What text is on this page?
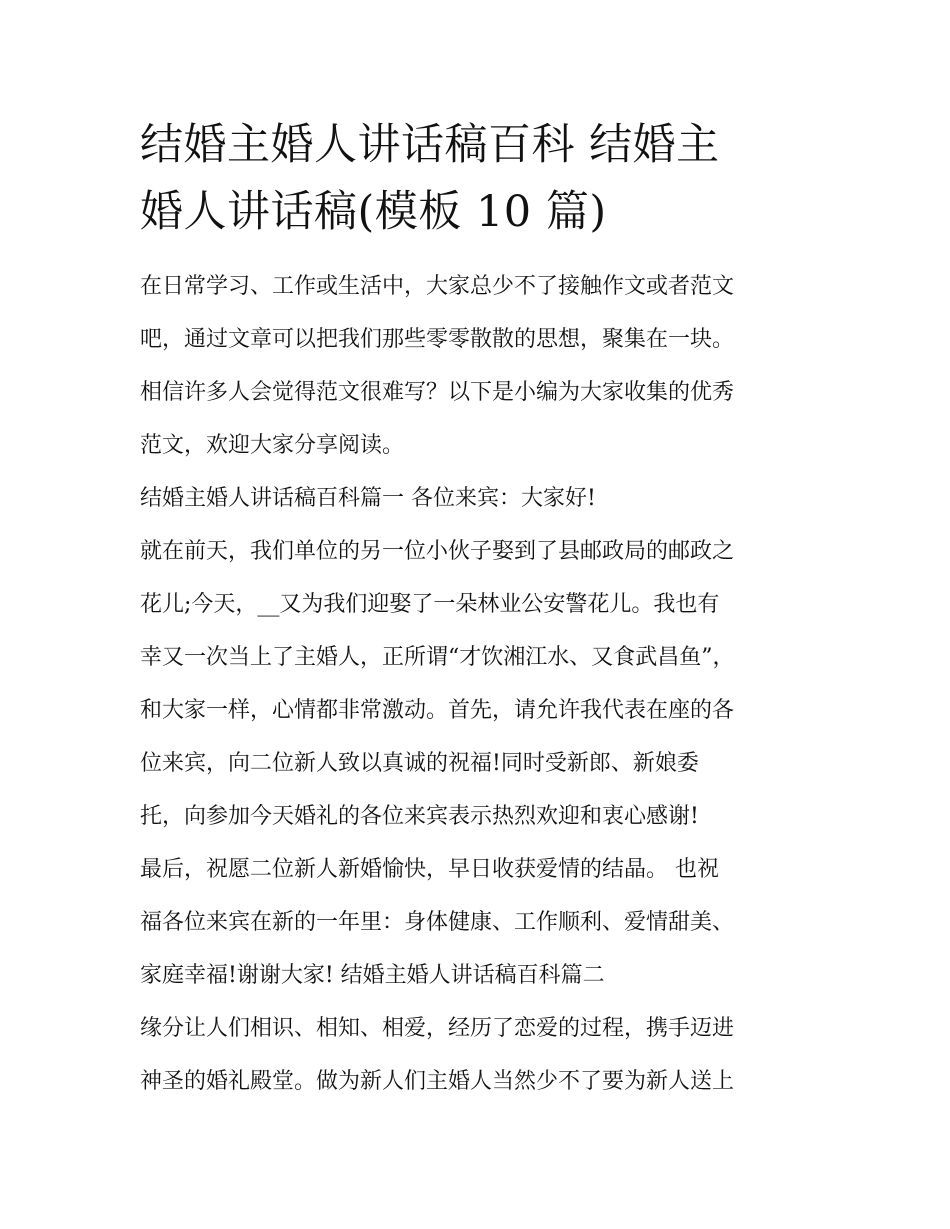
结婚主婚人讲话稿百科 结婚主
婚人讲话稿(模板 10 篇)
在日常学习、工作或生活中，大家总少不了接触作文或者范文
吧，通过文章可以把我们那些零零散散的思想，聚集在一块。
相信许多人会觉得范文很难写？以下是小编为大家收集的优秀
范文，欢迎大家分享阅读。
结婚主婚人讲话稿百科篇一 各位来宾：大家好!
就在前天，我们单位的另一位小伙子娶到了县邮政局的邮政之
花儿;今天，__又为我们迎娶了一朵林业公安警花儿。我也有
幸又一次当上了主婚人，正所谓“才饮湘江水、又食武昌鱼”，
和大家一样，心情都非常激动。首先，请允许我代表在座的各
位来宾，向二位新人致以真诚的祝福!同时受新郎、新娘委
托，向参加今天婚礼的各位来宾表示热烈欢迎和衷心感谢!
最后，祝愿二位新人新婚愉快，早日收获爱情的结晶。 也祝
福各位来宾在新的一年里：身体健康、工作顺利、爱情甜美、
家庭幸福!谢谢大家! 结婚主婚人讲话稿百科篇二
缘分让人们相识、相知、相爱，经历了恋爱的过程，携手迈进
神圣的婚礼殿堂。做为新人们主婚人当然少不了要为新人送上
